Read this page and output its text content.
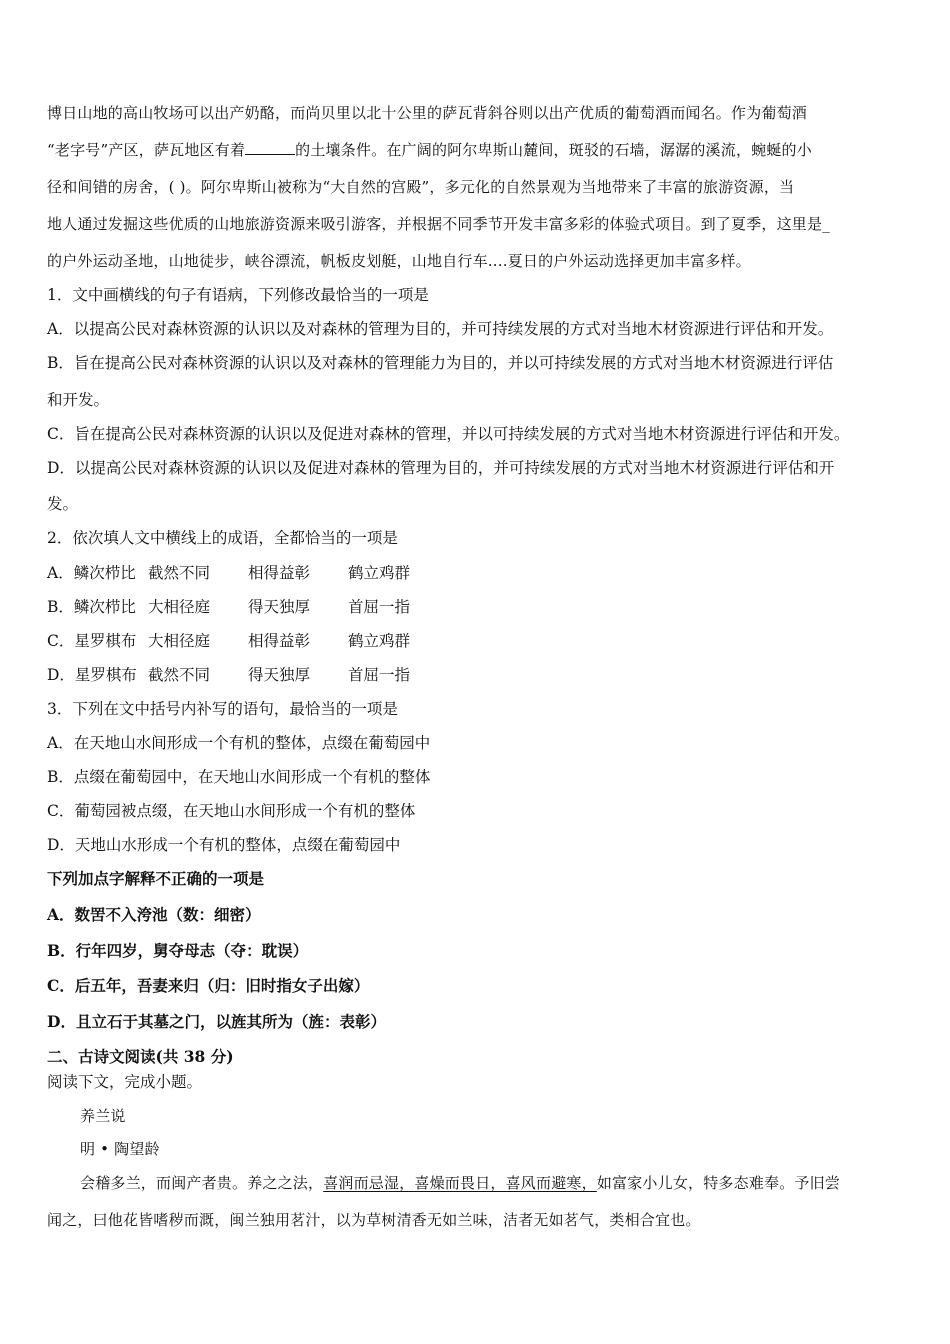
博日山地的高山牧场可以出产奶酪，而尚贝里以北十公里的萨瓦背斜谷则以出产优质的葡萄酒而闻名。作为葡萄酒
“老字号”产区，萨瓦地区有着	的土壤条件。在广阔的阿尔卑斯山麓间，斑驳的石墙，潺潺的溪流，蜿蜒的小
径和间错的房舍，( )。阿尔卑斯山被称为“大自然的宫殿”，多元化的自然景观为当地带来了丰富的旅游资源，当
地人通过发掘这些优质的山地旅游资源来吸引游客，并根据不同季节开发丰富多彩的体验式项目。到了夏季，这里是_
的户外运动圣地，山地徒步，峡谷漂流，帆板皮划艇，山地自行车....夏日的户外运动选择更加丰富多样。
1．文中画横线的句子有语病，下列修改最恰当的一项是
A．以提高公民对森林资源的认识以及对森林的管理为目的，并可持续发展的方式对当地木材资源进行评估和开发。
B．旨在提高公民对森林资源的认识以及对森林的管理能力为目的，并以可持续发展的方式对当地木材资源进行评估
和开发。
C．旨在提高公民对森林资源的认识以及促进对森林的管理，并以可持续发展的方式对当地木材资源进行评估和开发。
D．以提高公民对森林资源的认识以及促进对森林的管理为目的，并可持续发展的方式对当地木材资源进行评估和开
发。
2．依次填人文中横线上的成语，全都恰当的一项是
A．鳞次栉比 截然不同 相得益彰 鹤立鸡群
B．鳞次栉比 大相径庭 得天独厚 首屈一指
C．星罗棋布 大相径庭 相得益彰 鹤立鸡群
D．星罗棋布 截然不同 得天独厚 首屈一指
3．下列在文中括号内补写的语句，最恰当的一项是
A．在天地山水间形成一个有机的整体，点缀在葡萄园中
B．点缀在葡萄园中，在天地山水间形成一个有机的整体
C．葡萄园被点缀，在天地山水间形成一个有机的整体
D．天地山水形成一个有机的整体，点缀在葡萄园中
下列加点字解释不正确的一项是
A．数罟不入洿池（数：细密）
B．行年四岁，舅夺母志（夺：耽误）
C．后五年，吾妻来归（归：旧时指女子出嫁）
D．且立石于其墓之门，以旌其所为（旌：表彰）
二、古诗文阅读(共 38 分)
阅读下文，完成小题。
养兰说
明 • 陶望龄
会稽多兰，而闽产者贵。养之之法，喜润而忌湿，喜燥而畏日，喜风而避寒，如富家小儿女，特多态难奉。予旧尝
闻之，曰他花皆嗜秽而溉，闽兰独用茗汁，以为草树清香无如兰味，洁者无如茗气，类相合宜也。
